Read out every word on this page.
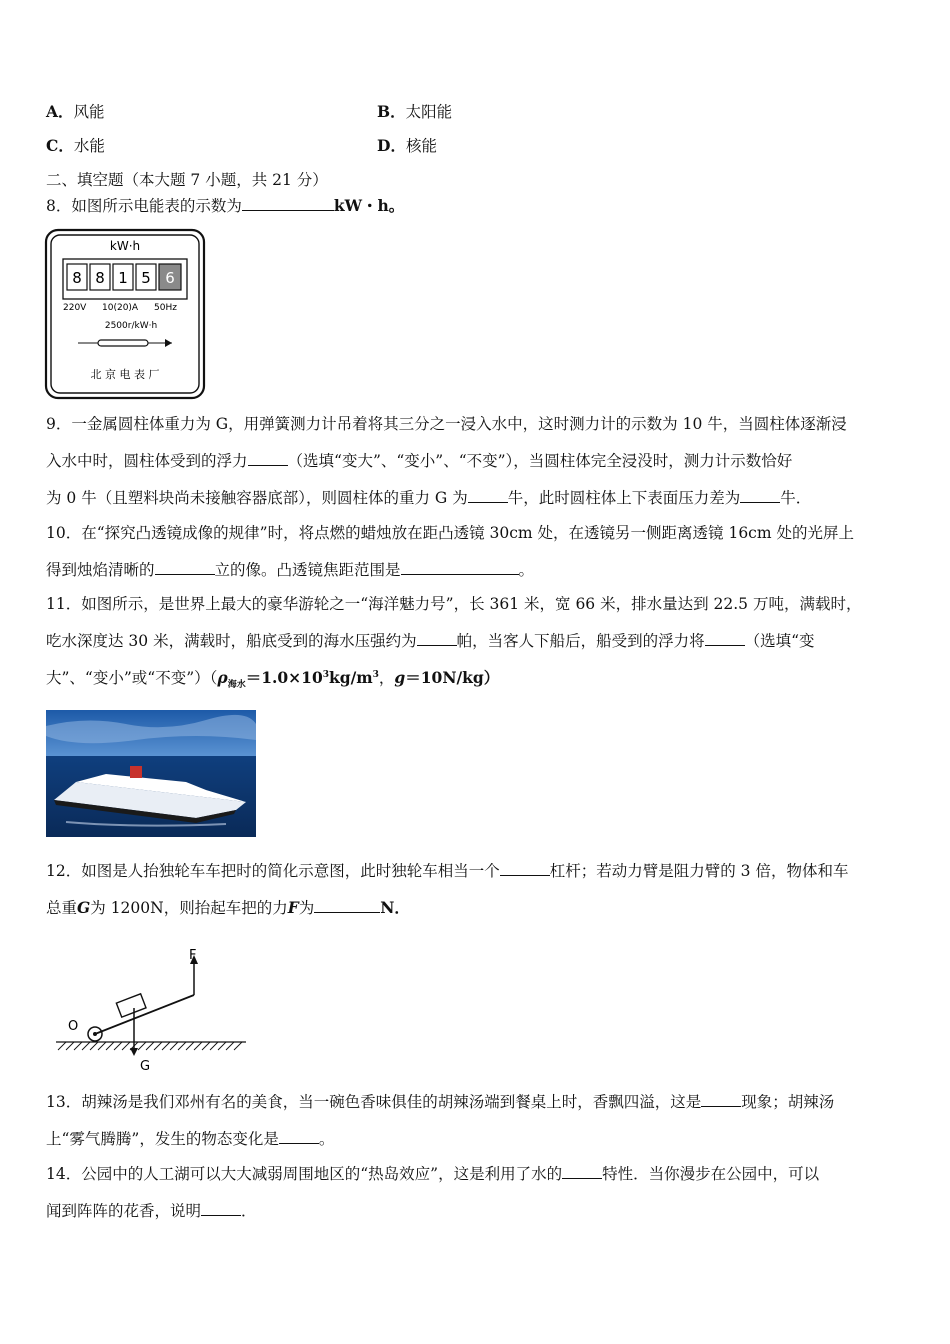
A．风能	B．太阳能
C．水能	D．核能
二、填空题（本大题 7 小题，共 21 分）
8．如图所示电能表的示数为	kW・h。
kW·h
8 8 1 5 6
220V 10(20)A 50Hz
2500r/kW·h
北 京 电 表 厂
9．一金属圆柱体重力为 G，用弹簧测力计吊着将其三分之一浸入水中，这时测力计的示数为 10 牛，当圆柱体逐渐浸
入水中时，圆柱体受到的浮力	（选填“变大”、“变小”、“不变”），当圆柱体完全浸没时，测力计示数恰好
为 0 牛（且塑料块尚未接触容器底部），则圆柱体的重力 G 为	牛，此时圆柱体上下表面压力差为	牛．
10．在“探究凸透镜成像的规律”时，将点燃的蜡烛放在距凸透镜 30cm 处，在透镜另一侧距离透镜 16cm 处的光屏上
得到烛焰清晰的	立的像。凸透镜焦距范围是	。
11．如图所示，是世界上最大的豪华游轮之一“海洋魅力号”，长 361 米，宽 66 米，排水量达到 22.5 万吨，满载时，
吃水深度达 30 米，满载时，船底受到的海水压强约为	帕，当客人下船后，船受到的浮力将	（选填“变
大”、“变小”或“不变$”)(\rho_{海水}=1.0\times 10^3kg/m^3$，g＝10N/kg）
12．如图是人抬独轮车车把时的简化示意图，此时独轮车相当一个	杠杆；若动力臂是阻力臂的 3 倍，物体和车
总重G为 1200N，则抬起车把的力F为	N．
F
G
O
13．胡辣汤是我们邓州有名的美食，当一碗色香味俱佳的胡辣汤端到餐桌上时，香飘四溢，这是	现象；胡辣汤
上“雾气腾腾”，发生的物态变化是	。
14．公园中的人工湖可以大大减弱周围地区的“热岛效应”，这是利用了水的	特性．当你漫步在公园中，可以
闻到阵阵的花香，说明	．
